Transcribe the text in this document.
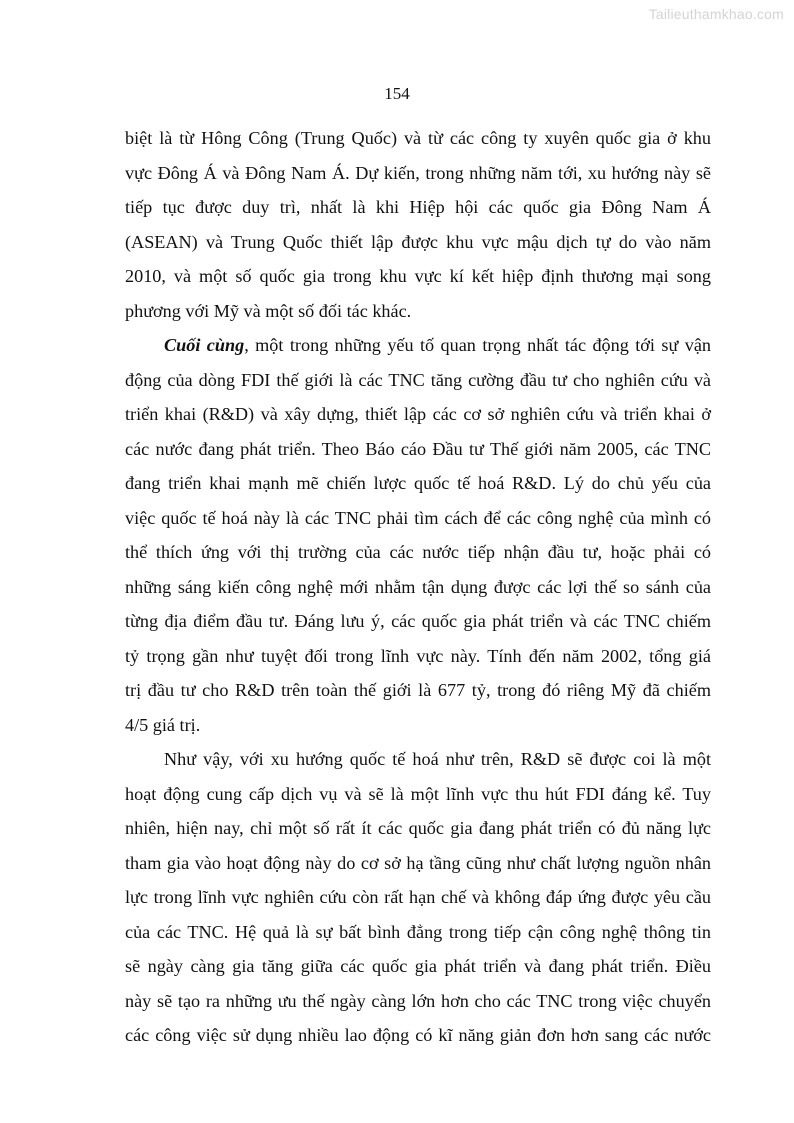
Tailieuthamkhao.com
154
biệt là từ Hông Công (Trung Quốc) và từ các công ty xuyên quốc gia ở khu
vực Đông Á và Đông Nam Á. Dự kiến, trong những năm tới, xu hướng này sẽ
tiếp tục được duy trì, nhất là khi Hiệp hội các quốc gia Đông Nam Á
(ASEAN) và Trung Quốc thiết lập được khu vực mậu dịch tự do vào năm
2010, và một số quốc gia trong khu vực kí kết hiệp định thương mại song
phương với Mỹ và một số đối tác khác.
Cuối cùng, một trong những yếu tố quan trọng nhất tác động tới sự vận
động của dòng FDI thế giới là các TNC tăng cường đầu tư cho nghiên cứu và
triển khai (R&D) và xây dựng, thiết lập các cơ sở nghiên cứu và triển khai ở
các nước đang phát triển. Theo Báo cáo Đầu tư Thế giới năm 2005, các TNC
đang triển khai mạnh mẽ chiến lược quốc tế hoá R&D. Lý do chủ yếu của
việc quốc tế hoá này là các TNC phải tìm cách để các công nghệ của mình có
thể thích ứng với thị trường của các nước tiếp nhận đầu tư, hoặc phải có
những sáng kiến công nghệ mới nhằm tận dụng được các lợi thế so sánh của
từng địa điểm đầu tư. Đáng lưu ý, các quốc gia phát triển và các TNC chiếm
tỷ trọng gần như tuyệt đối trong lĩnh vực này. Tính đến năm 2002, tổng giá
trị đầu tư cho R&D trên toàn thế giới là 677 tỷ, trong đó riêng Mỹ đã chiếm
4/5 giá trị.
Như vậy, với xu hướng quốc tế hoá như trên, R&D sẽ được coi là một
hoạt động cung cấp dịch vụ và sẽ là một lĩnh vực thu hút FDI đáng kể. Tuy
nhiên, hiện nay, chỉ một số rất ít các quốc gia đang phát triển có đủ năng lực
tham gia vào hoạt động này do cơ sở hạ tầng cũng như chất lượng nguồn nhân
lực trong lĩnh vực nghiên cứu còn rất hạn chế và không đáp ứng được yêu cầu
của các TNC. Hệ quả là sự bất bình đẳng trong tiếp cận công nghệ thông tin
sẽ ngày càng gia tăng giữa các quốc gia phát triển và đang phát triển. Điều
này sẽ tạo ra những ưu thế ngày càng lớn hơn cho các TNC trong việc chuyển
các công việc sử dụng nhiều lao động có kĩ năng giản đơn hơn sang các nước
